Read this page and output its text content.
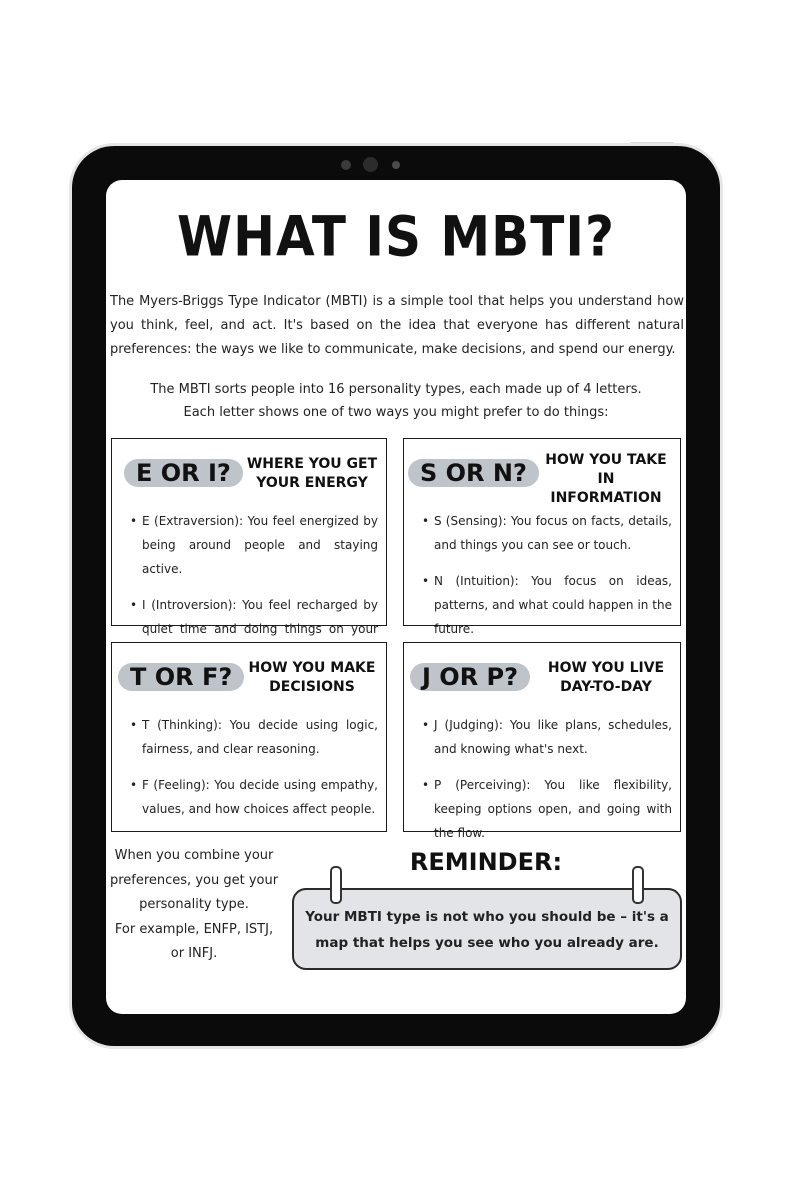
WHAT IS MBTI?
The Myers-Briggs Type Indicator (MBTI) is a simple tool that helps you understand how you think, feel, and act. It's based on the idea that everyone has different natural preferences: the ways we like to communicate, make decisions, and spend our energy.
The MBTI sorts people into 16 personality types, each made up of 4 letters.
Each letter shows one of two ways you might prefer to do things:
E OR I?	WHERE YOU GET
YOUR ENERGY
• E (Extraversion): You feel energized by being around people and staying active.
• I (Introversion): You feel recharged by quiet time and doing things on your
S OR N?	HOW YOU TAKE
IN INFORMATION
• S (Sensing): You focus on facts, details, and things you can see or touch.
• N (Intuition): You focus on ideas, patterns, and what could happen in the future.
T OR F?	HOW YOU MAKE
DECISIONS
• T (Thinking): You decide using logic, fairness, and clear reasoning.
• F (Feeling): You decide using empathy, values, and how choices affect people.
J OR P?	HOW YOU LIVE
DAY-TO-DAY
• J (Judging): You like plans, schedules, and knowing what's next.
• P (Perceiving): You like flexibility, keeping options open, and going with the flow.
When you combine your
preferences, you get your
personality type.
For example, ENFP, ISTJ,
or INFJ.
REMINDER:
Your MBTI type is not who you should be – it's a
map that helps you see who you already are.
